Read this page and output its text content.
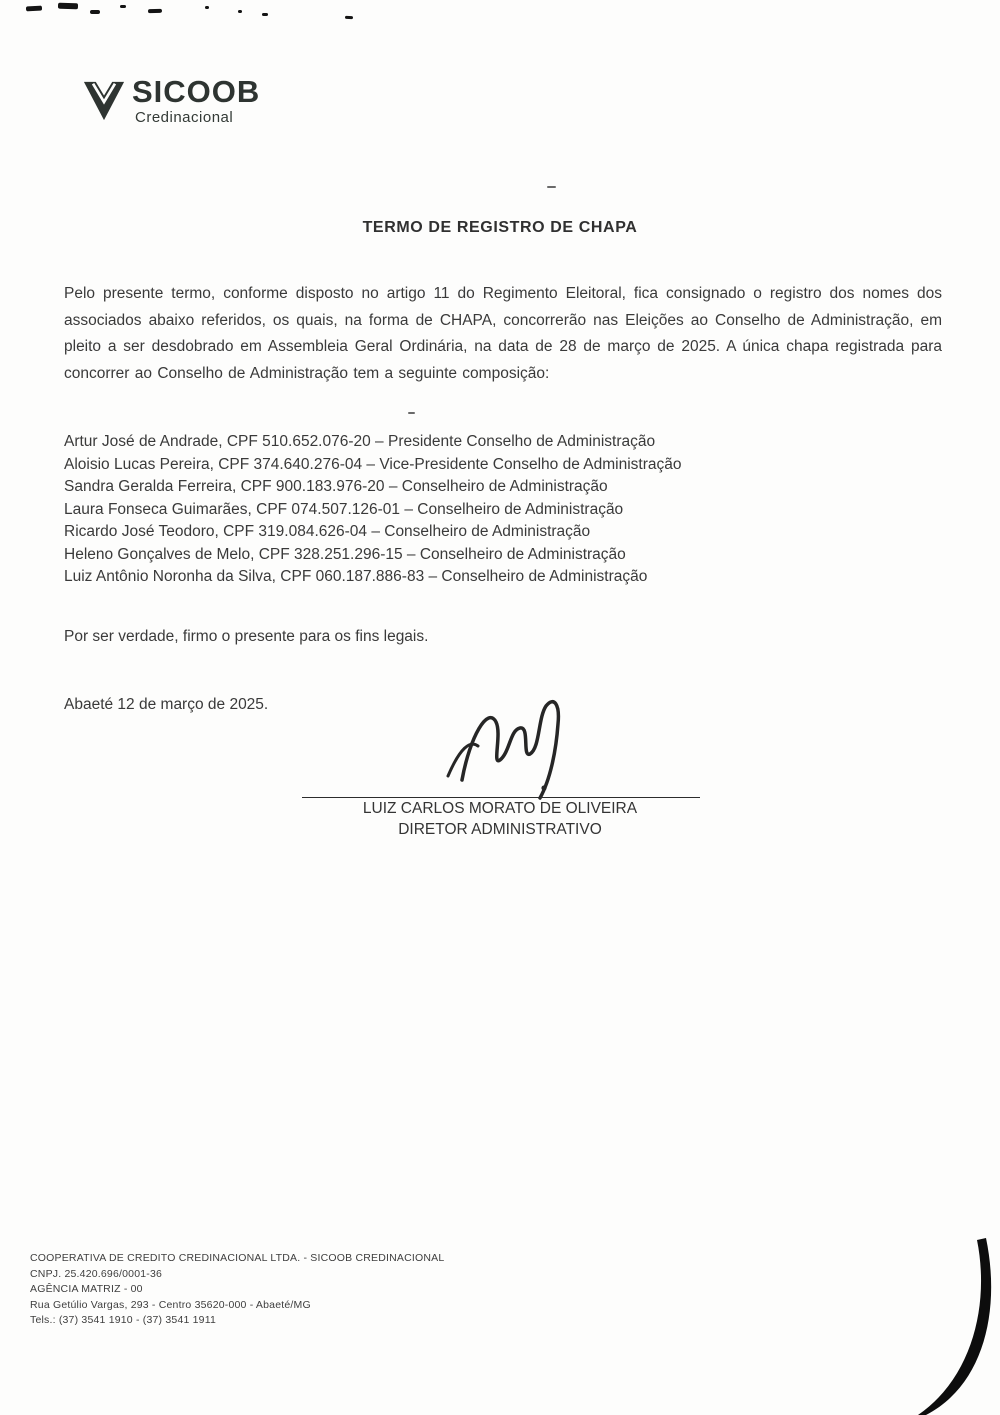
SICOOB
Credinacional
TERMO DE REGISTRO DE CHAPA

Pelo presente termo, conforme disposto no artigo 11 do Regimento Eleitoral, fica consignado o registro dos nomes dos associados abaixo referidos, os quais, na forma de CHAPA, concorrerão nas Eleições ao Conselho de Administração, em pleito a ser desdobrado em Assembleia Geral Ordinária, na data de 28 de março de 2025. A única chapa registrada para concorrer ao Conselho de Administração tem a seguinte composição:

Artur José de Andrade, CPF 510.652.076-20 – Presidente Conselho de Administração
Aloisio Lucas Pereira, CPF 374.640.276-04 – Vice-Presidente Conselho de Administração
Sandra Geralda Ferreira, CPF 900.183.976-20 – Conselheiro de Administração
Laura Fonseca Guimarães, CPF 074.507.126-01 – Conselheiro de Administração
Ricardo José Teodoro, CPF 319.084.626-04 – Conselheiro de Administração
Heleno Gonçalves de Melo, CPF 328.251.296-15 – Conselheiro de Administração
Luiz Antônio Noronha da Silva, CPF 060.187.886-83 – Conselheiro de Administração

Por ser verdade, firmo o presente para os fins legais.

Abaeté 12 de março de 2025.

LUIZ CARLOS MORATO DE OLIVEIRA
DIRETOR ADMINISTRATIVO
COOPERATIVA DE CREDITO CREDINACIONAL LTDA. - SICOOB CREDINACIONAL
CNPJ. 25.420.696/0001-36
AGÊNCIA MATRIZ - 00
Rua Getúlio Vargas, 293 - Centro 35620-000 - Abaeté/MG
Tels.: (37) 3541 1910 - (37) 3541 1911
